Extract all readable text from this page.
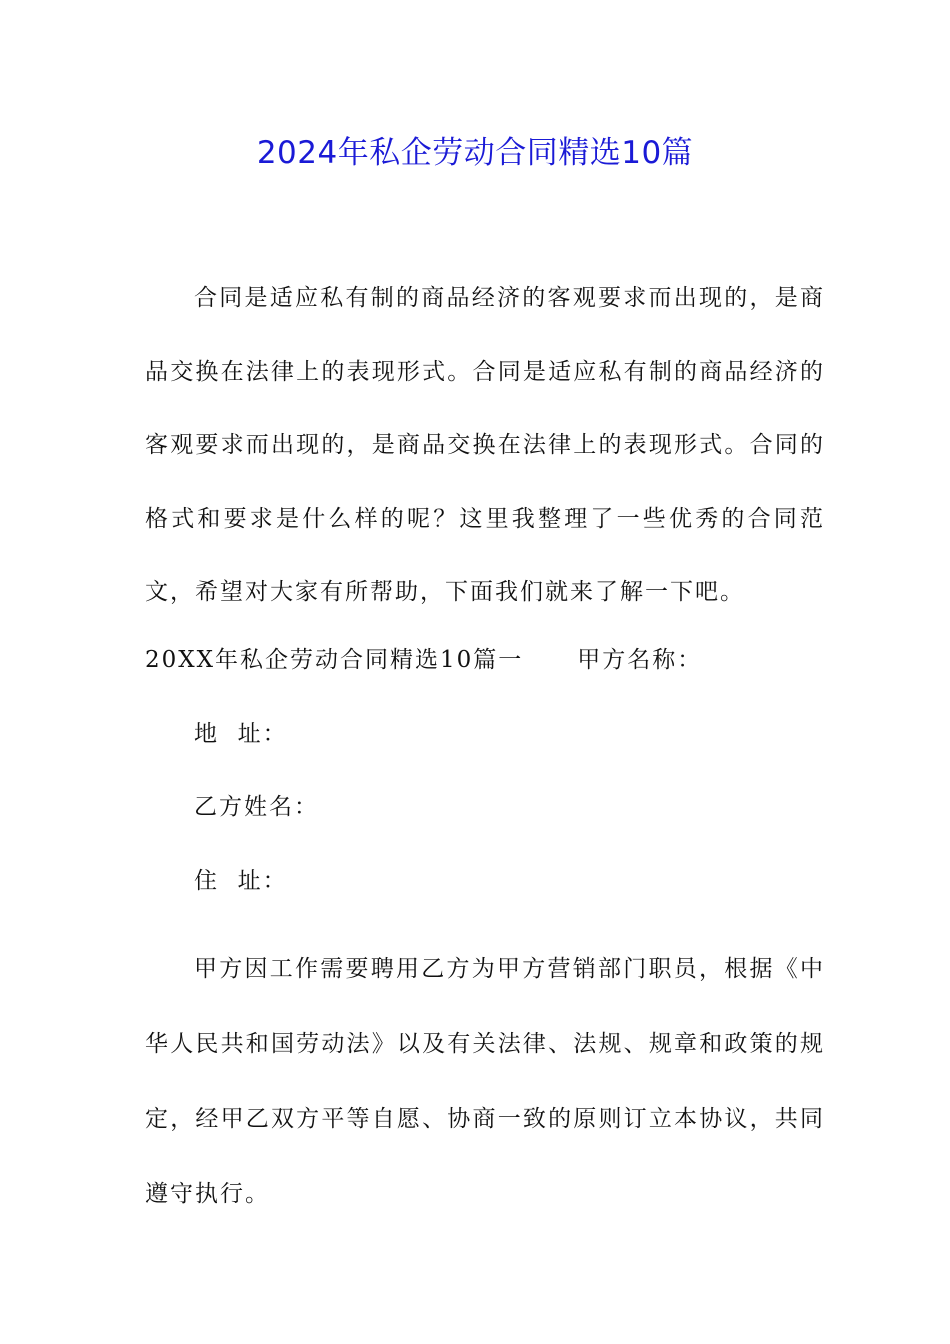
2024年私企劳动合同精选10篇
合同是适应私有制的商品经济的客观要求而出现的，是商品交换在法律上的表现形式。合同是适应私有制的商品经济的客观要求而出现的，是商品交换在法律上的表现形式。合同的格式和要求是什么样的呢？这里我整理了一些优秀的合同范文，希望对大家有所帮助，下面我们就来了解一下吧。
20XX年私企劳动合同精选10篇一 甲方名称：
地  址：
乙方姓名：
住  址：
甲方因工作需要聘用乙方为甲方营销部门职员，根据《中华人民共和国劳动法》以及有关法律、法规、规章和政策的规定，经甲乙双方平等自愿、协商一致的原则订立本协议，共同遵守执行。
